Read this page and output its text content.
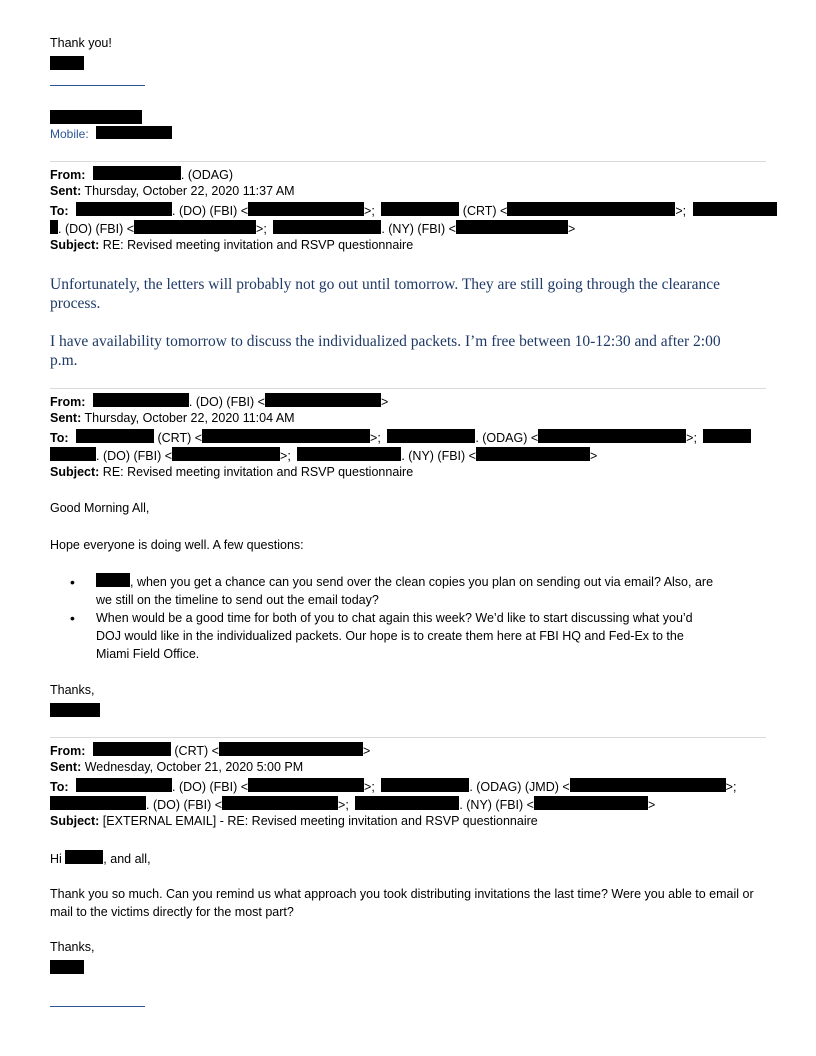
Thank you!
Mobile:
From:	. (ODAG)
Sent: Thursday, October 22, 2020 11:37 AM
To:	. (DO) (FBI) <	>;	(CRT) <	>;
. (DO) (FBI) <	>;	. (NY) (FBI) <	>
Subject: RE: Revised meeting invitation and RSVP questionnaire
Unfortunately, the letters will probably not go out until tomorrow. They are still going through the clearance process.
I have availability tomorrow to discuss the individualized packets. I’m free between 10-12:30 and after 2:00 p.m.
From:	. (DO) (FBI) <	>
Sent: Thursday, October 22, 2020 11:04 AM
To:	(CRT) <	>;	. (ODAG) <	>;
. (DO) (FBI) <	>;	. (NY) (FBI) <	>
Subject: RE: Revised meeting invitation and RSVP questionnaire
Good Morning All,
Hope everyone is doing well. A few questions:
• , when you get a chance can you send over the clean copies you plan on sending out via email? Also, are we still on the timeline to send out the email today?
• When would be a good time for both of you to chat again this week? We’d like to start discussing what you’d DOJ would like in the individualized packets. Our hope is to create them here at FBI HQ and Fed-Ex to the Miami Field Office.
Thanks,
From:	(CRT) <	>
Sent: Wednesday, October 21, 2020 5:00 PM
To:	. (DO) (FBI) <	>;	. (ODAG) (JMD) <	>;
. (DO) (FBI) <	>;	. (NY) (FBI) <	>
Subject: [EXTERNAL EMAIL] - RE: Revised meeting invitation and RSVP questionnaire
Hi	, and all,
Thank you so much. Can you remind us what approach you took distributing invitations the last time? Were you able to email or mail to the victims directly for the most part?
Thanks,
